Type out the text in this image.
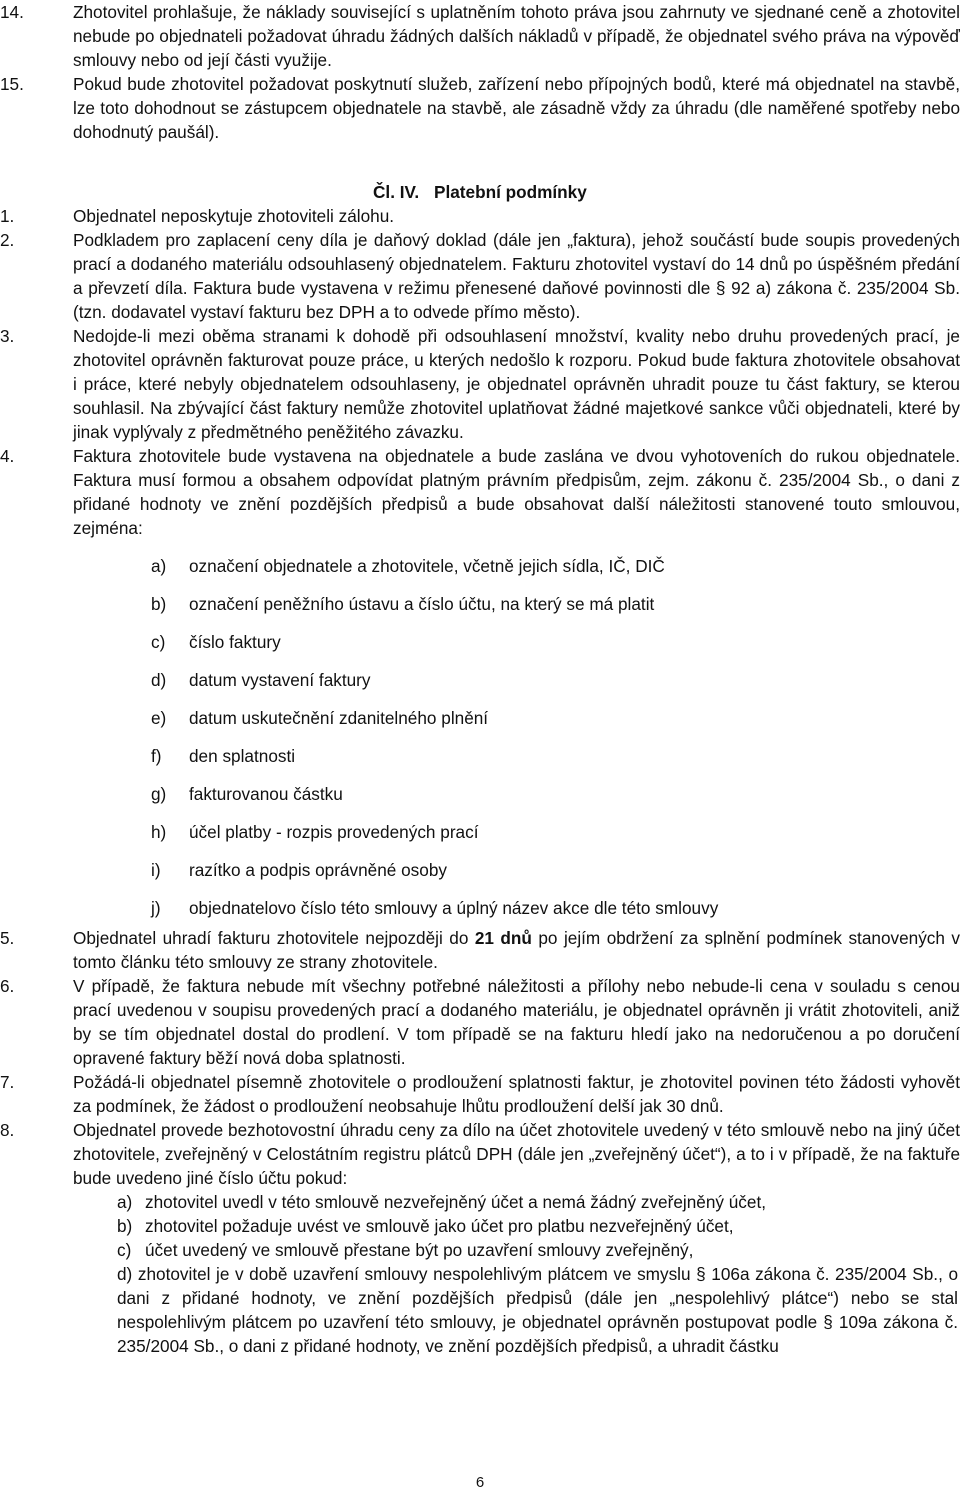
14.	Zhotovitel prohlašuje, že náklady související s uplatněním tohoto práva jsou zahrnuty ve sjednané ceně a zhotovitel nebude po objednateli požadovat úhradu žádných dalších nákladů v případě, že objednatel svého práva na výpověď smlouvy nebo od její části využije.
15.	Pokud bude zhotovitel požadovat poskytnutí služeb, zařízení nebo přípojných bodů, které má objednatel na stavbě, lze toto dohodnout se zástupcem objednatele na stavbě, ale zásadně vždy za úhradu (dle naměřené spotřeby nebo dohodnutý paušál).
Čl. IV. Platební podmínky
1.	Objednatel neposkytuje zhotoviteli zálohu.
2.	Podkladem pro zaplacení ceny díla je daňový doklad (dále jen „faktura), jehož součástí bude soupis provedených prací a dodaného materiálu odsouhlasený objednatelem. Fakturu zhotovitel vystaví do 14 dnů po úspěšném předání a převzetí díla. Faktura bude vystavena v režimu přenesené daňové povinnosti dle § 92 a) zákona č. 235/2004 Sb. (tzn. dodavatel vystaví fakturu bez DPH a to odvede přímo město).
3.	Nedojde-li mezi oběma stranami k dohodě při odsouhlasení množství, kvality nebo druhu provedených prací, je zhotovitel oprávněn fakturovat pouze práce, u kterých nedošlo k rozporu. Pokud bude faktura zhotovitele obsahovat i práce, které nebyly objednatelem odsouhlaseny, je objednatel oprávněn uhradit pouze tu část faktury, se kterou souhlasil. Na zbývající část faktury nemůže zhotovitel uplatňovat žádné majetkové sankce vůči objednateli, které by jinak vyplývaly z předmětného peněžitého závazku.
4.	Faktura zhotovitele bude vystavena na objednatele a bude zaslána ve dvou vyhotoveních do rukou objednatele. Faktura musí formou a obsahem odpovídat platným právním předpisům, zejm. zákonu č. 235/2004 Sb., o dani z přidané hodnoty ve znění pozdějších předpisů a bude obsahovat další náležitosti stanovené touto smlouvou, zejména:
a) označení objednatele a zhotovitele, včetně jejich sídla, IČ, DIČ
b) označení peněžního ústavu a číslo účtu, na který se má platit
c) číslo faktury
d) datum vystavení faktury
e) datum uskutečnění zdanitelného plnění
f) den splatnosti
g) fakturovanou částku
h) účel platby - rozpis provedených prací
i) razítko a podpis oprávněné osoby
j) objednatelovo číslo této smlouvy a úplný název akce dle této smlouvy
5.	Objednatel uhradí fakturu zhotovitele nejpozději do 21 dnů po jejím obdržení za splnění podmínek stanovených v tomto článku této smlouvy ze strany zhotovitele.
6.	V případě, že faktura nebude mít všechny potřebné náležitosti a přílohy nebo nebude-li cena v souladu s cenou prací uvedenou v soupisu provedených prací a dodaného materiálu, je objednatel oprávněn ji vrátit zhotoviteli, aniž by se tím objednatel dostal do prodlení. V tom případě se na fakturu hledí jako na nedoručenou a po doručení opravené faktury běží nová doba splatnosti.
7.	Požádá-li objednatel písemně zhotovitele o prodloužení splatnosti faktur, je zhotovitel povinen této žádosti vyhovět za podmínek, že žádost o prodloužení neobsahuje lhůtu prodloužení delší jak 30 dnů.
8.	Objednatel provede bezhotovostní úhradu ceny za dílo na účet zhotovitele uvedený v této smlouvě nebo na jiný účet zhotovitele, zveřejněný v Celostátním registru plátců DPH (dále jen „zveřejněný účet“), a to i v případě, že na faktuře bude uvedeno jiné číslo účtu pokud:
a) zhotovitel uvedl v této smlouvě nezveřejněný účet a nemá žádný zveřejněný účet,
b) zhotovitel požaduje uvést ve smlouvě jako účet pro platbu nezveřejněný účet,
c) účet uvedený ve smlouvě přestane být po uzavření smlouvy zveřejněný,
d) zhotovitel je v době uzavření smlouvy nespolehlivým plátcem ve smyslu § 106a zákona č. 235/2004 Sb., o dani z přidané hodnoty, ve znění pozdějších předpisů (dále jen „nespolehlivý plátce“) nebo se stal nespolehlivým plátcem po uzavření této smlouvy, je objednatel oprávněn postupovat podle § 109a zákona č. 235/2004 Sb., o dani z přidané hodnoty, ve znění pozdějších předpisů, a uhradit částku
6
